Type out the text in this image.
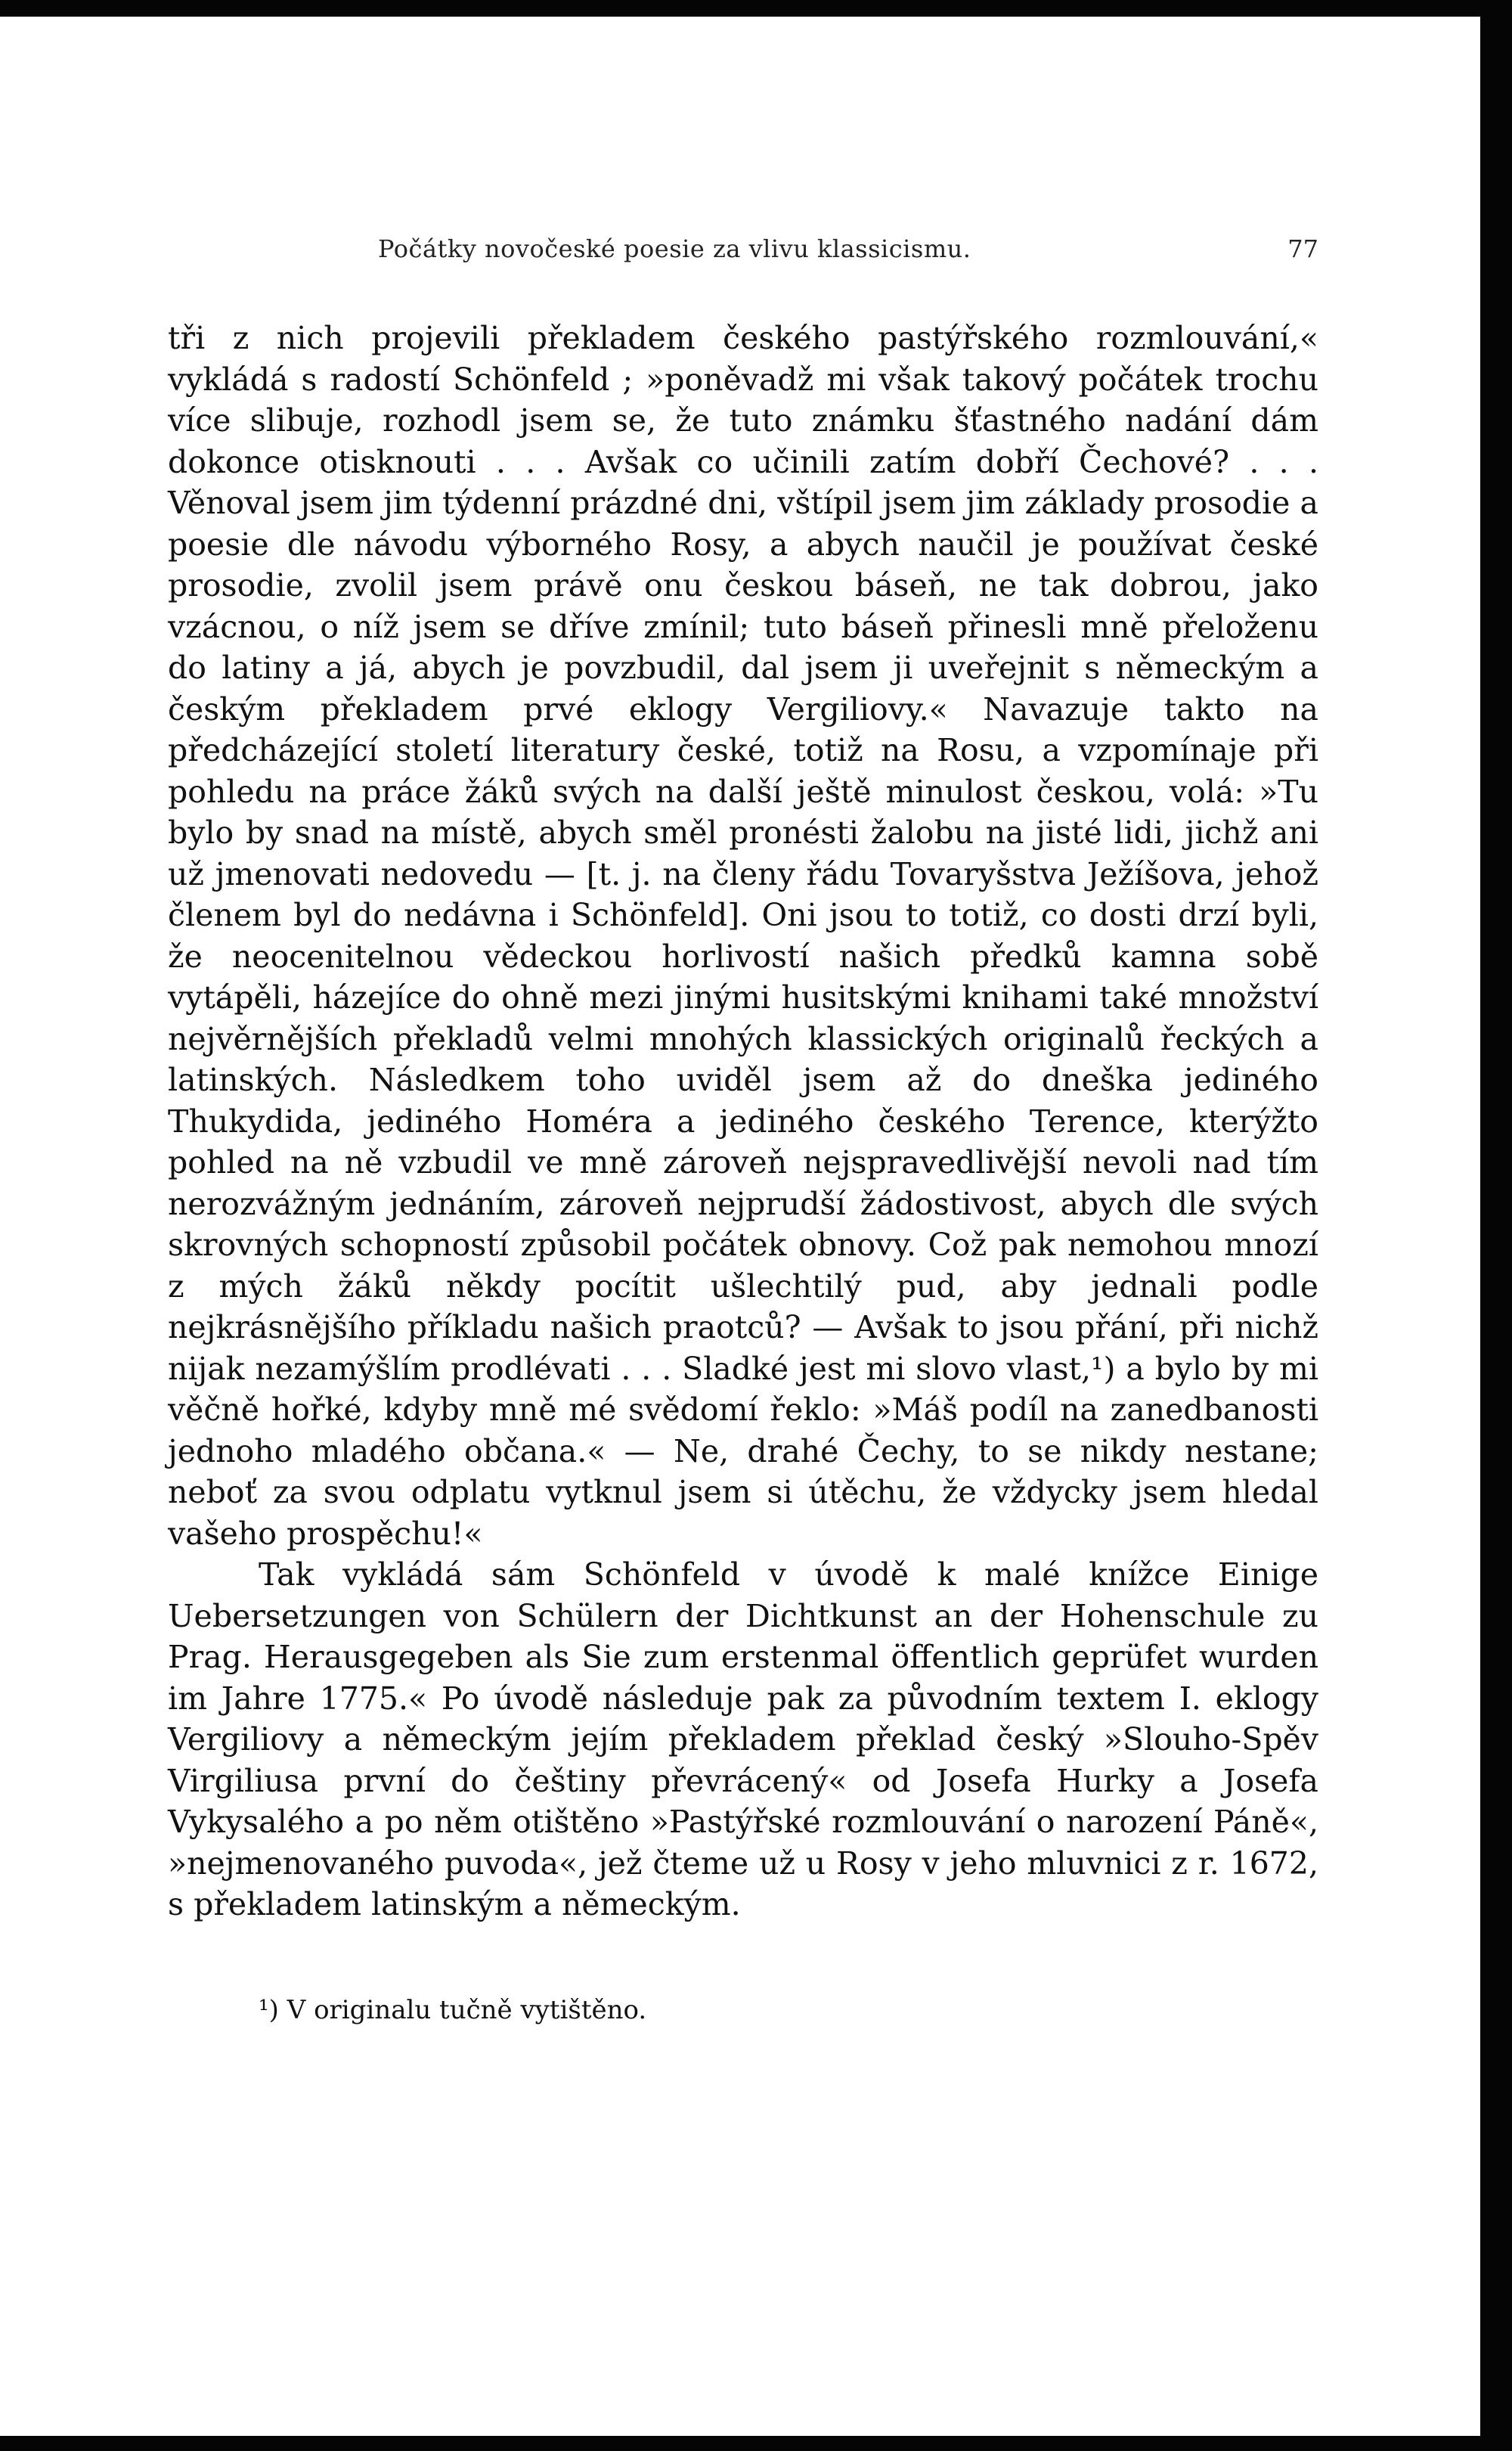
Počátky novočeské poesie za vlivu klassicismu.	77

tři z nich projevili překladem českého pastýřského rozmlouvání,« vykládá s radostí Schönfeld ; »poněvadž mi však takový počátek trochu více slibuje, rozhodl jsem se, že tuto známku šťastného nadání dám dokonce otisknouti . . . Avšak co učinili zatím dobří Čechové? . . . Věnoval jsem jim týdenní prázdné dni, vštípil jsem jim základy prosodie a poesie dle návodu výborného Rosy, a abych naučil je používat české prosodie, zvolil jsem právě onu českou báseň, ne tak dobrou, jako vzácnou, o níž jsem se dříve zmínil; tuto báseň přinesli mně přeloženu do latiny a já, abych je povzbudil, dal jsem ji uveřejnit s německým a českým překladem prvé eklogy Vergiliovy.« Navazuje takto na předcházející století literatury české, totiž na Rosu, a vzpomínaje při pohledu na práce žáků svých na další ještě minulost českou, volá: »Tu bylo by snad na místě, abych směl pronésti žalobu na jisté lidi, jichž ani už jmenovati nedovedu — [t. j. na členy řádu Tovaryšstva Ježíšova, jehož členem byl do nedávna i Schönfeld]. Oni jsou to totiž, co dosti drzí byli, že neocenitelnou vědeckou horlivostí našich předků kamna sobě vytápěli, házejíce do ohně mezi jinými husitskými knihami také množství nejvěrnějších překladů velmi mnohých klassických originalů řeckých a latinských. Následkem toho uviděl jsem až do dneška jediného Thukydida, jediného Homéra a jediného českého Terence, kterýžto pohled na ně vzbudil ve mně zároveň nejspravedlivější nevoli nad tím nerozvážným jednáním, zároveň nejprudší žádostivost, abych dle svých skrovných schopností způsobil počátek obnovy. Což pak nemohou mnozí z mých žáků někdy pocítit ušlechtilý pud, aby jednali podle nejkrásnějšího příkladu našich praotců? — Avšak to jsou přání, při nichž nijak nezamýšlím prodlévati . . . Sladké jest mi slovo vlast,¹) a bylo by mi věčně hořké, kdyby mně mé svědomí řeklo: »Máš podíl na zanedbanosti jednoho mladého občana.« — Ne, drahé Čechy, to se nikdy nestane; neboť za svou odplatu vytknul jsem si útěchu, že vždycky jsem hledal vašeho prospěchu!«

Tak vykládá sám Schönfeld v úvodě k malé knížce Einige Uebersetzungen von Schülern der Dichtkunst an der Hohenschule zu Prag. Herausgegeben als Sie zum erstenmal öffentlich geprüfet wurden im Jahre 1775.« Po úvodě následuje pak za původním textem I. eklogy Vergiliovy a německým jejím překladem překlad český »Slouho-Spěv Virgiliusa první do češtiny převrácený« od Josefa Hurky a Josefa Vykysalého a po něm otištěno »Pastýřské rozmlouvání o narození Páně«, »nejmenovaného puvoda«, jež čteme už u Rosy v jeho mluvnici z r. 1672, s překladem latinským a německým.

¹) V originalu tučně vytištěno.
